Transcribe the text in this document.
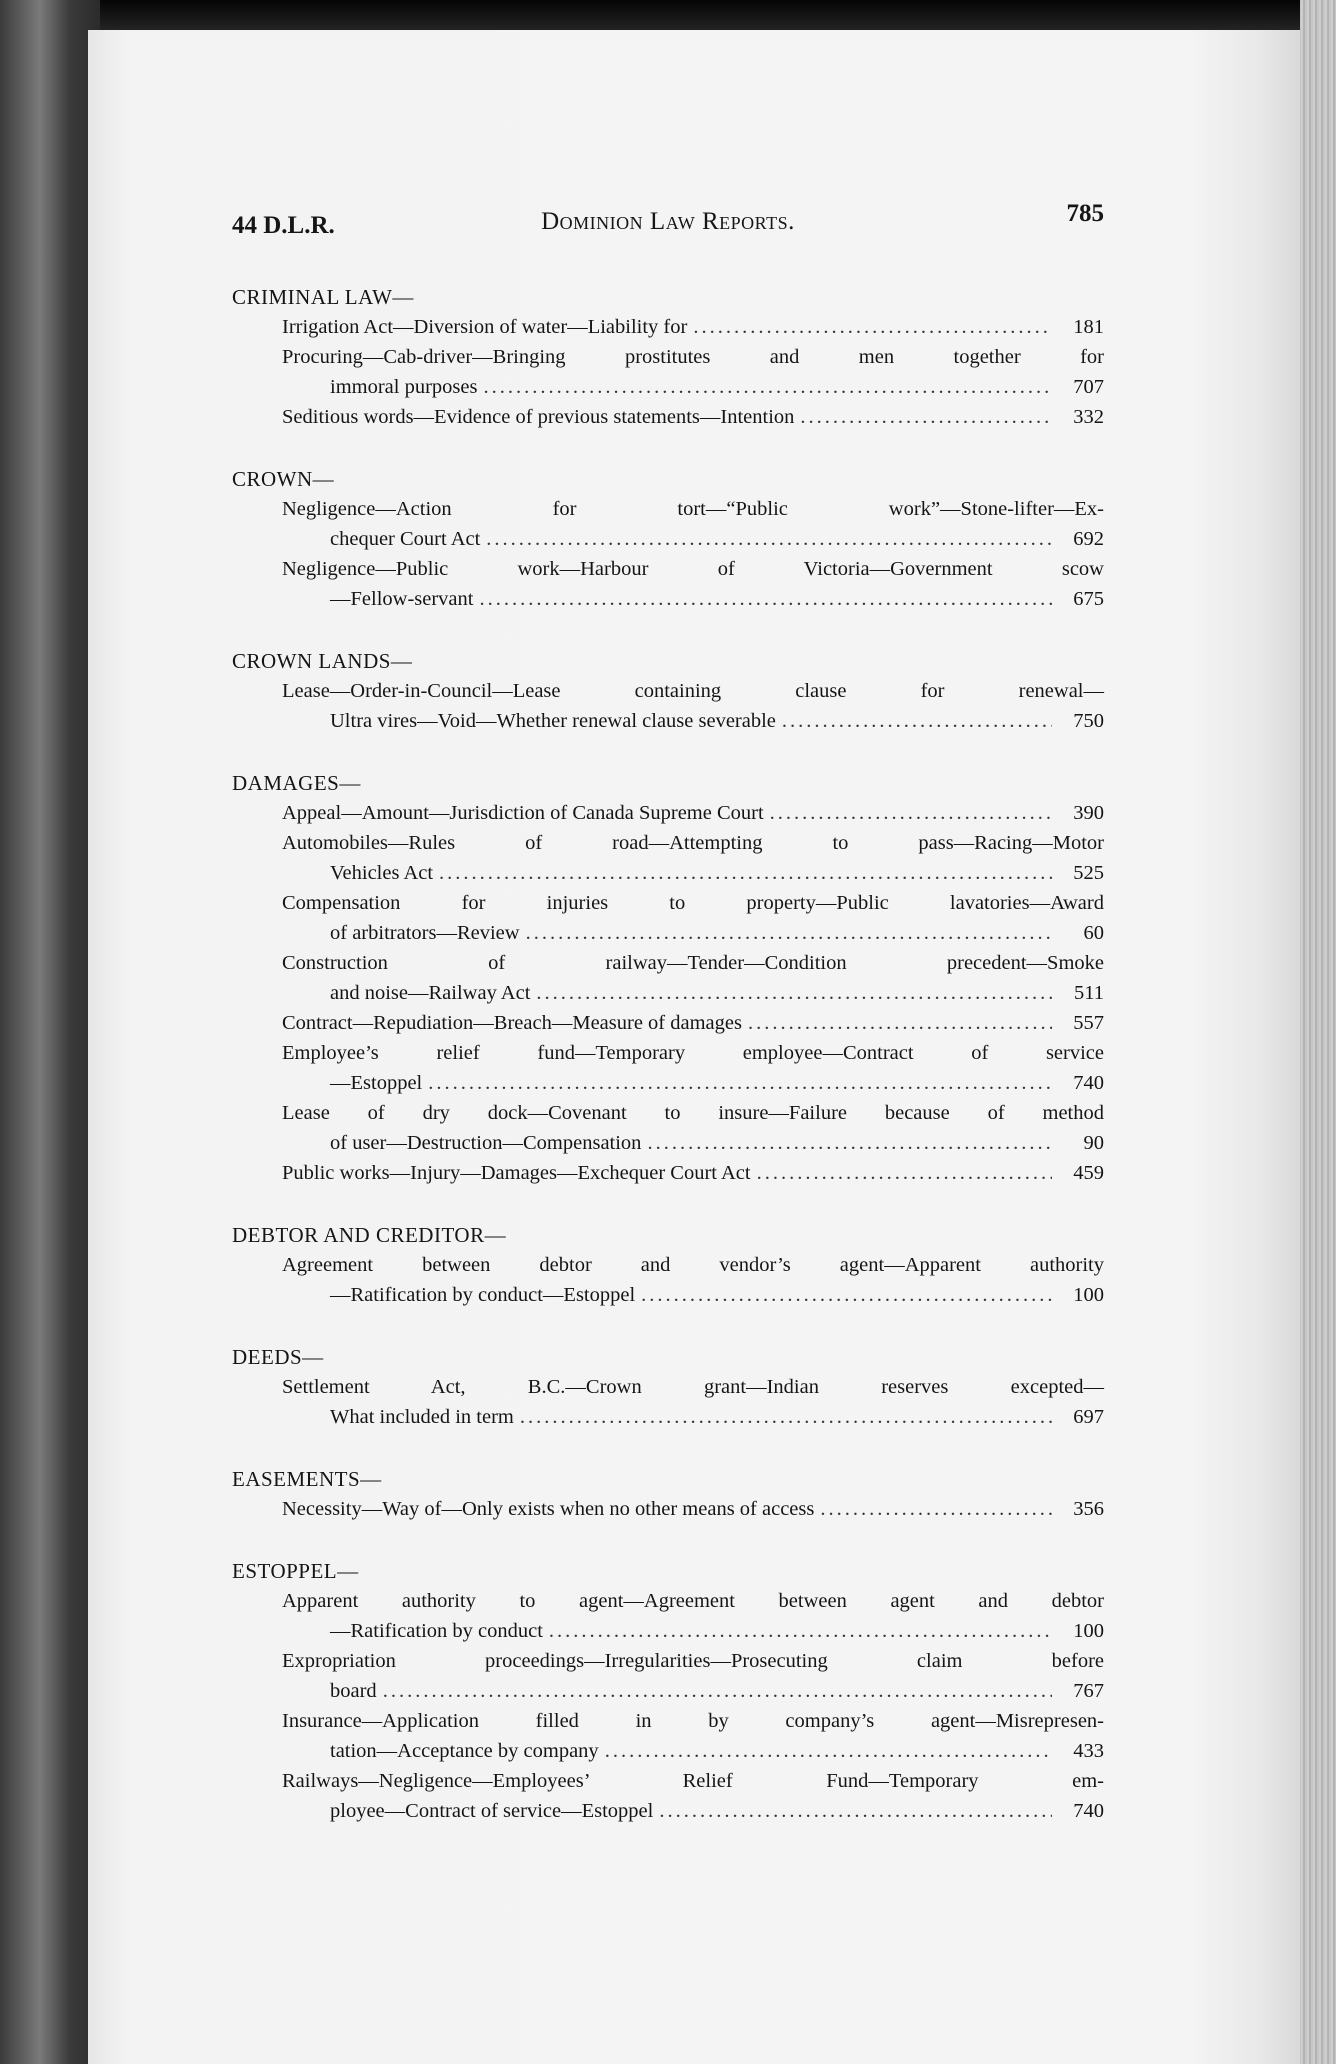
44 D.L.R.	Dominion Law Reports.	785
CRIMINAL LAW—
Irrigation Act—Diversion of water—Liability for .....	181
Procuring—Cab-driver—Bringing prostitutes and men together for
immoral purposes .....	707
Seditious words—Evidence of previous statements—Intention .....	332
CROWN—
Negligence—Action for tort—“Public work”—Stone-lifter—Ex-
chequer Court Act .....	692
Negligence—Public work—Harbour of Victoria—Government scow
—Fellow-servant .....	675
CROWN LANDS—
Lease—Order-in-Council—Lease containing clause for renewal—
Ultra vires—Void—Whether renewal clause severable .....	750
DAMAGES—
Appeal—Amount—Jurisdiction of Canada Supreme Court .....	390
Automobiles—Rules of road—Attempting to pass—Racing—Motor
Vehicles Act .....	525
Compensation for injuries to property—Public lavatories—Award
of arbitrators—Review .....	60
Construction of railway—Tender—Condition precedent—Smoke
and noise—Railway Act .....	511
Contract—Repudiation—Breach—Measure of damages .....	557
Employee’s relief fund—Temporary employee—Contract of service
—Estoppel .....	740
Lease of dry dock—Covenant to insure—Failure because of method
of user—Destruction—Compensation .....	90
Public works—Injury—Damages—Exchequer Court Act .....	459
DEBTOR AND CREDITOR—
Agreement between debtor and vendor’s agent—Apparent authority
—Ratification by conduct—Estoppel .....	100
DEEDS—
Settlement Act, B.C.—Crown grant—Indian reserves excepted—
What included in term .....	697
EASEMENTS—
Necessity—Way of—Only exists when no other means of access .....	356
ESTOPPEL—
Apparent authority to agent—Agreement between agent and debtor
—Ratification by conduct .....	100
Expropriation proceedings—Irregularities—Prosecuting claim before
board .....	767
Insurance—Application filled in by company’s agent—Misrepresen-
tation—Acceptance by company .....	433
Railways—Negligence—Employees’ Relief Fund—Temporary em-
ployee—Contract of service—Estoppel .....	740
